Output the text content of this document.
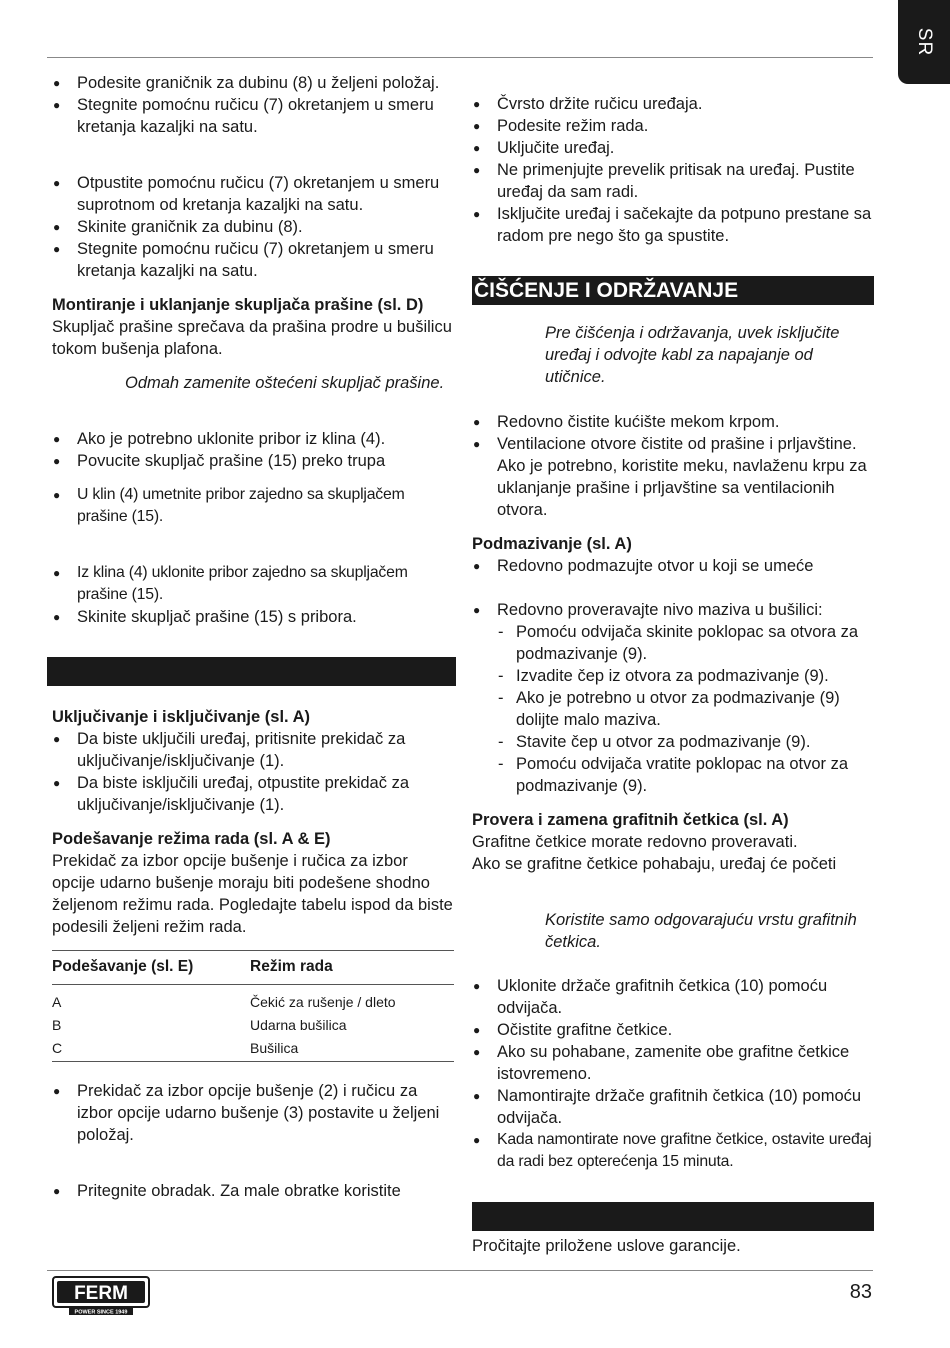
SR
● Podesite graničnik za dubinu (8) u željeni položaj.
● Stegnite pomoćnu ručicu (7) okretanjem u smeru kretanja kazaljki na satu.
● Otpustite pomoćnu ručicu (7) okretanjem u smeru suprotnom od kretanja kazaljki na satu.
● Skinite graničnik za dubinu (8).
● Stegnite pomoćnu ručicu (7) okretanjem u smeru kretanja kazaljki na satu.
Montiranje i uklanjanje skupljača prašine (sl. D)
Skupljač prašine sprečava da prašina prodre u bušilicu tokom bušenja plafona.
Odmah zamenite oštećeni skupljač prašine.
● Ako je potrebno uklonite pribor iz klina (4).
● Povucite skupljač prašine (15) preko trupa
● U klin (4) umetnite pribor zajedno sa skupljačem prašine (15).
● Iz klina (4) uklonite pribor zajedno sa skupljačem prašine (15).
● Skinite skupljač prašine (15) s pribora.
Uključivanje i isključivanje (sl. A)
● Da biste uključili uređaj, pritisnite prekidač za uključivanje/isključivanje (1).
● Da biste isključili uređaj, otpustite prekidač za uključivanje/isključivanje (1).
Podešavanje režima rada (sl. A & E)
Prekidač za izbor opcije bušenje i ručica za izbor opcije udarno bušenje moraju biti podešene shodno željenom režimu rada. Pogledajte tabelu ispod da biste podesili željeni režim rada.
Podešavanje (sl. E)	Režim rada
A	Čekić za rušenje / dleto
B	Udarna bušilica
C	Bušilica
● Prekidač za izbor opcije bušenje (2) i ručicu za izbor opcije udarno bušenje (3) postavite u željeni položaj.
● Pritegnite obradak. Za male obratke koristite
● Čvrsto držite ručicu uređaja.
● Podesite režim rada.
● Uključite uređaj.
● Ne primenjujte prevelik pritisak na uređaj. Pustite uređaj da sam radi.
● Isključite uređaj i sačekajte da potpuno prestane sa radom pre nego što ga spustite.
ČIŠĆENJE I ODRŽAVANJE
Pre čišćenja i održavanja, uvek isključite uređaj i odvojte kabl za napajanje od utičnice.
● Redovno čistite kućište mekom krpom.
● Ventilacione otvore čistite od prašine i prljavštine. Ako je potrebno, koristite meku, navlaženu krpu za uklanjanje prašine i prljavštine sa ventilacionih otvora.
Podmazivanje (sl. A)
● Redovno podmazujte otvor u koji se umeće
● Redovno proveravajte nivo maziva u bušilici:
- Pomoću odvijača skinite poklopac sa otvora za podmazivanje (9).
- Izvadite čep iz otvora za podmazivanje (9).
- Ako je potrebno u otvor za podmazivanje (9) dolijte malo maziva.
- Stavite čep u otvor za podmazivanje (9).
- Pomoću odvijača vratite poklopac na otvor za podmazivanje (9).
Provera i zamena grafitnih četkica (sl. A)
Grafitne četkice morate redovno proveravati.
Ako se grafitne četkice pohabaju, uređaj će početi
Koristite samo odgovarajuću vrstu grafitnih četkica.
● Uklonite držače grafitnih četkica (10) pomoću odvijača.
● Očistite grafitne četkice.
● Ako su pohabane, zamenite obe grafitne četkice istovremeno.
● Namontirajte držače grafitnih četkica (10) pomoću odvijača.
● Kada namontirate nove grafitne četkice, ostavite uređaj da radi bez opterećenja 15 minuta.
Pročitajte priložene uslove garancije.
FERM
POWER SINCE 1949
83
